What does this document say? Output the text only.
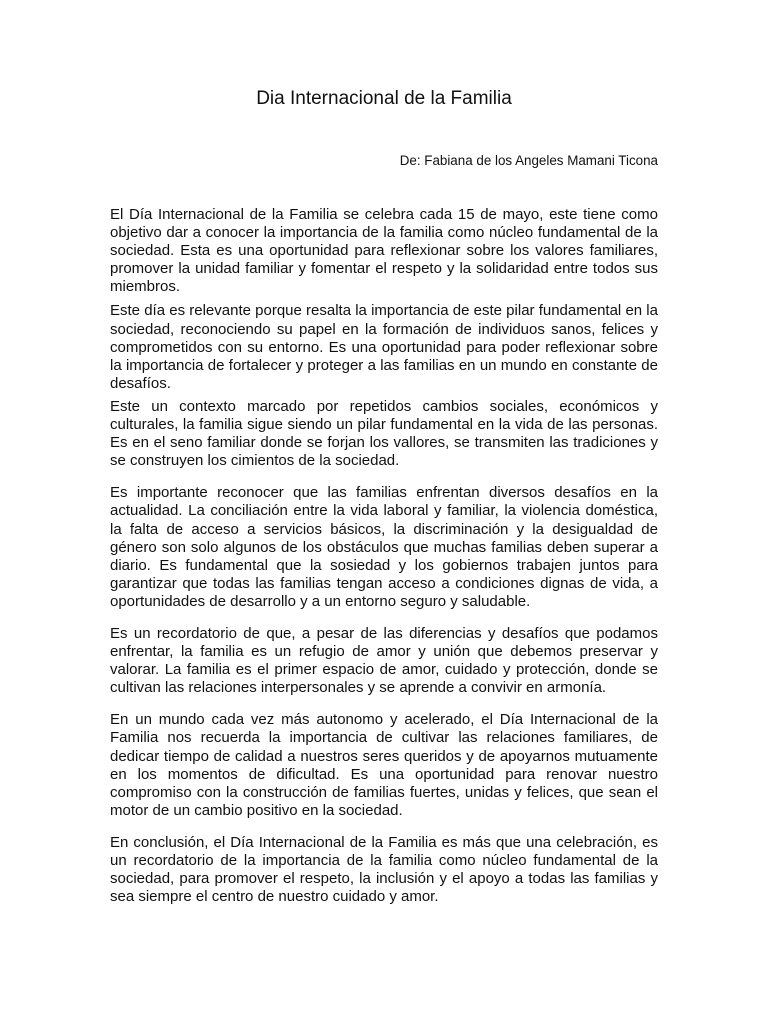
Dia Internacional de la Familia

De: Fabiana de los Angeles Mamani Ticona

El Día Internacional de la Familia se celebra cada 15 de mayo, este tiene como objetivo dar a conocer la importancia de la familia como núcleo fundamental de la sociedad. Esta es una oportunidad para reflexionar sobre los valores familiares, promover la unidad familiar y fomentar el respeto y la solidaridad entre todos sus miembros.

Este día es relevante porque resalta la importancia de este pilar fundamental en la sociedad, reconociendo su papel en la formación de individuos sanos, felices y comprometidos con su entorno. Es una oportunidad para poder reflexionar sobre la importancia de fortalecer y proteger a las familias en un mundo en constante de desafíos.

Este un contexto marcado por repetidos cambios sociales, económicos y culturales, la familia sigue siendo un pilar fundamental en la vida de las personas. Es en el seno familiar donde se forjan los vallores, se transmiten las tradiciones y se construyen los cimientos de la sociedad.

Es importante reconocer que las familias enfrentan diversos desafíos en la actualidad. La conciliación entre la vida laboral y familiar, la violencia doméstica, la falta de acceso a servicios básicos, la discriminación y la desigualdad de género son solo algunos de los obstáculos que muchas familias deben superar a diario. Es fundamental que la sosiedad y los gobiernos trabajen juntos para garantizar que todas las familias tengan acceso a condiciones dignas de vida, a oportunidades de desarrollo y a un entorno seguro y saludable.

Es un recordatorio de que, a pesar de las diferencias y desafíos que podamos enfrentar, la familia es un refugio de amor y unión que debemos preservar y valorar. La familia es el primer espacio de amor, cuidado y protección, donde se cultivan las relaciones interpersonales y se aprende a convivir en armonía.

En un mundo cada vez más autonomo y acelerado, el Día Internacional de la Familia nos recuerda la importancia de cultivar las relaciones familiares, de dedicar tiempo de calidad a nuestros seres queridos y de apoyarnos mutuamente en los momentos de dificultad. Es una oportunidad para renovar nuestro compromiso con la construcción de familias fuertes, unidas y felices, que sean el motor de un cambio positivo en la sociedad.

En conclusión, el Día Internacional de la Familia es más que una celebración, es un recordatorio de la importancia de la familia como núcleo fundamental de la sociedad, para promover el respeto, la inclusión y el apoyo a todas las familias y sea siempre el centro de nuestro cuidado y amor.
